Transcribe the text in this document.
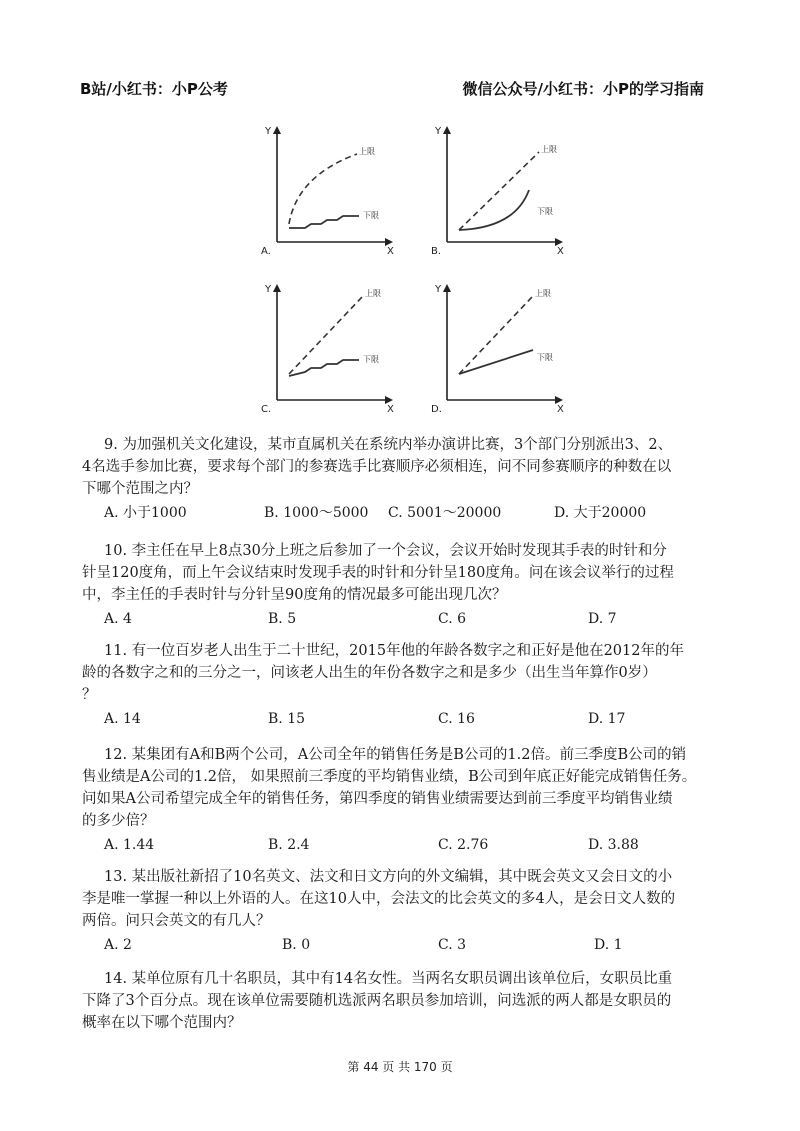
B站/小红书：小P公考	微信公众号/小红书：小P的学习指南
Y
X
A.
上限
下限
Y
X
B.
上限
下限
Y
X
C.
上限
下限
Y
X
D.
上限
下限
9. 为加强机关文化建设，某市直属机关在系统内举办演讲比赛，3个部门分别派出3、2、
4名选手参加比赛，要求每个部门的参赛选手比赛顺序必须相连，问不同参赛顺序的种数在以
下哪个范围之内？
A. 小于1000	B. 1000～5000 C. 5001～20000	D. 大于20000
10. 李主任在早上8点30分上班之后参加了一个会议，会议开始时发现其手表的时针和分
针呈120度角，而上午会议结束时发现手表的时针和分针呈180度角。问在该会议举行的过程
中，李主任的手表时针与分针呈90度角的情况最多可能出现几次？
A. 4	B. 5	C. 6	D. 7
11. 有一位百岁老人出生于二十世纪，2015年他的年龄各数字之和正好是他在2012年的年
龄的各数字之和的三分之一，问该老人出生的年份各数字之和是多少（出生当年算作0岁）
？
A. 14	B. 15	C. 16	D. 17
12. 某集团有A和B两个公司，A公司全年的销售任务是B公司的1.2倍。前三季度B公司的销
售业绩是A公司的1.2倍， 如果照前三季度的平均销售业绩，B公司到年底正好能完成销售任务。
问如果A公司希望完成全年的销售任务，第四季度的销售业绩需要达到前三季度平均销售业绩
的多少倍？
A. 1.44	B. 2.4	C. 2.76	D. 3.88
13. 某出版社新招了10名英文、法文和日文方向的外文编辑，其中既会英文又会日文的小
李是唯一掌握一种以上外语的人。在这10人中，会法文的比会英文的多4人，是会日文人数的
两倍。问只会英文的有几人？
A. 2	B. 0	C. 3	D. 1
14. 某单位原有几十名职员，其中有14名女性。当两名女职员调出该单位后，女职员比重
下降了3个百分点。现在该单位需要随机选派两名职员参加培训，问选派的两人都是女职员的
概率在以下哪个范围内？
第 44 页 共 170 页
